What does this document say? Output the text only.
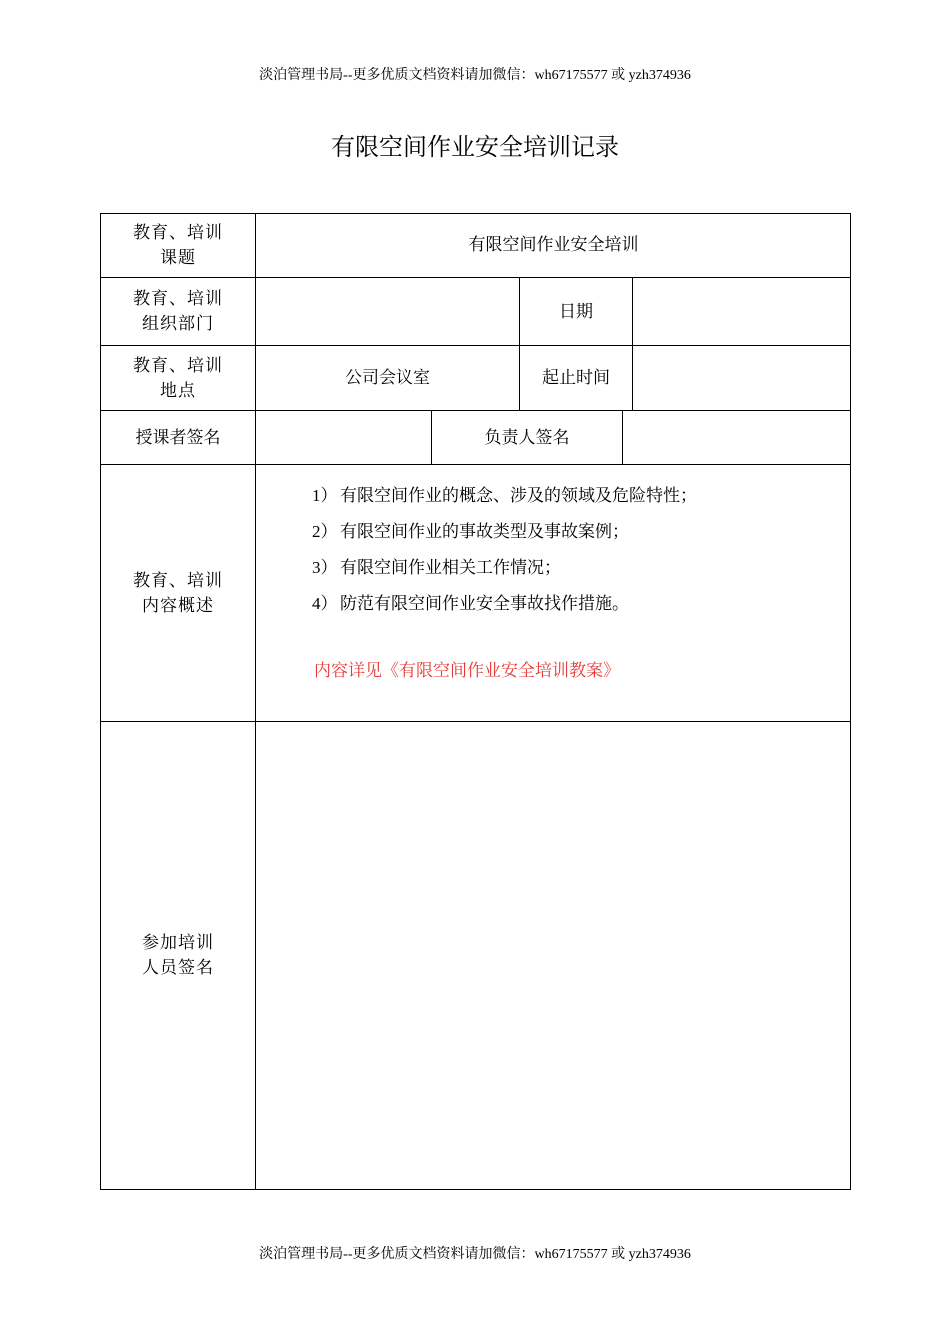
淡泊管理书局--更多优质文档资料请加微信：wh67175577 或 yzh374936
有限空间作业安全培训记录
教育、培训
课题
有限空间作业安全培训
教育、培训
组织部门
日期
教育、培训
地点
公司会议室	起止时间
授课者签名	负责人签名
教育、培训
内容概述
1） 有限空间作业的概念、涉及的领域及危险特性；
2） 有限空间作业的事故类型及事故案例；
3） 有限空间作业相关工作情况；
4） 防范有限空间作业安全事故找作措施。
内容详见《有限空间作业安全培训教案》
参加培训
人员签名
淡泊管理书局--更多优质文档资料请加微信：wh67175577 或 yzh374936
